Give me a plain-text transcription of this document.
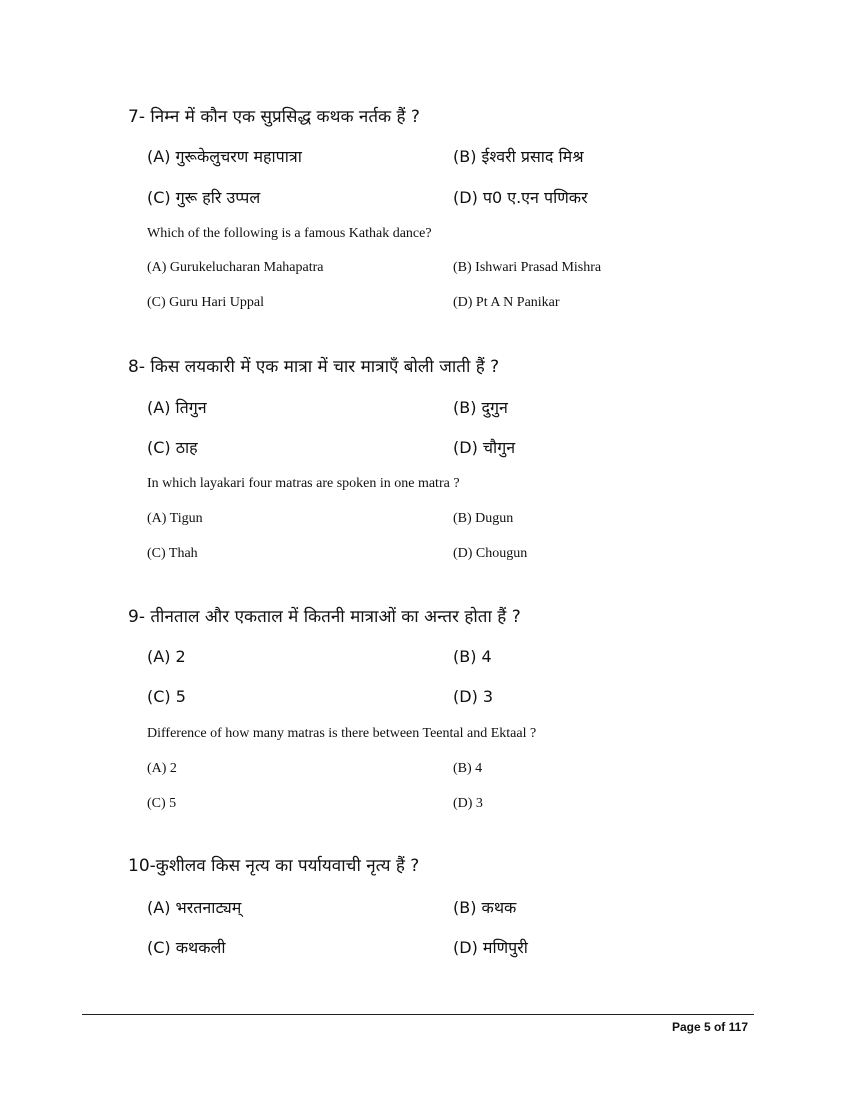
7- निम्न में कौन एक सुप्रसिद्ध कथक नर्तक हैं ?
(A) गुरूकेलुचरण महापात्रा	(B) ईश्वरी प्रसाद मिश्र
(C) गुरू हरि उप्पल	(D) प0 ए.एन पणिकर
Which of the following is a famous Kathak dance?
(A) Gurukelucharan Mahapatra	(B) Ishwari Prasad Mishra
(C) Guru Hari Uppal	(D) Pt A N Panikar
8- किस लयकारी में एक मात्रा में चार मात्राएँ बोली जाती हैं ?
(A) तिगुन	(B) दुगुन
(C) ठाह	(D) चौगुन
In which layakari four matras are spoken in one matra ?
(A) Tigun	(B) Dugun
(C) Thah	(D) Chougun
9- तीनताल और एकताल में कितनी मात्राओं का अन्तर होता हैं ?
(A) 2	(B) 4
(C) 5	(D) 3
Difference of how many matras is there between Teental and Ektaal ?
(A) 2	(B) 4
(C) 5	(D) 3
10-कुशीलव किस नृत्य का पर्यायवाची नृत्य हैं ?
(A) भरतनाट्यम्	(B) कथक
(C) कथकली	(D) मणिपुरी
Page 5 of 117
